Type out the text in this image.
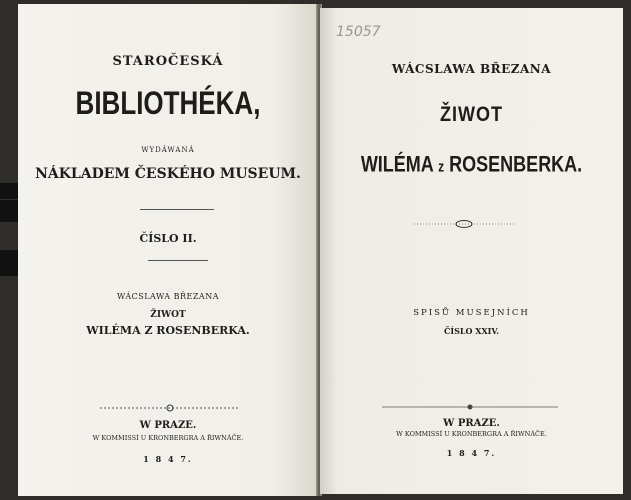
STAROČESKÁ
BIBLIOTHÉKA,
WYDÁWANÁ
NÁKLADEM ČESKÉHO MUSEUM.
ČÍSLO II.
WÁCSLAWA BŘEZANA
ŽIWOT
WILÉMA Z ROSENBERKA.
W PRAZE.
W KOMMISSÍ U KRONBERGRA A ŘIWNÁČE.
1 8 4 7.
15057
WÁCSLAWA BŘEZANA
ŽIWOT
WILÉMA z ROSENBERKA.
SPISŮ MUSEJNÍCH
ČÍSLO XXIV.
W PRAZE.
W KOMMISSÍ U KRONBERGRA A ŘIWNÁČE.
1 8 4 7.
